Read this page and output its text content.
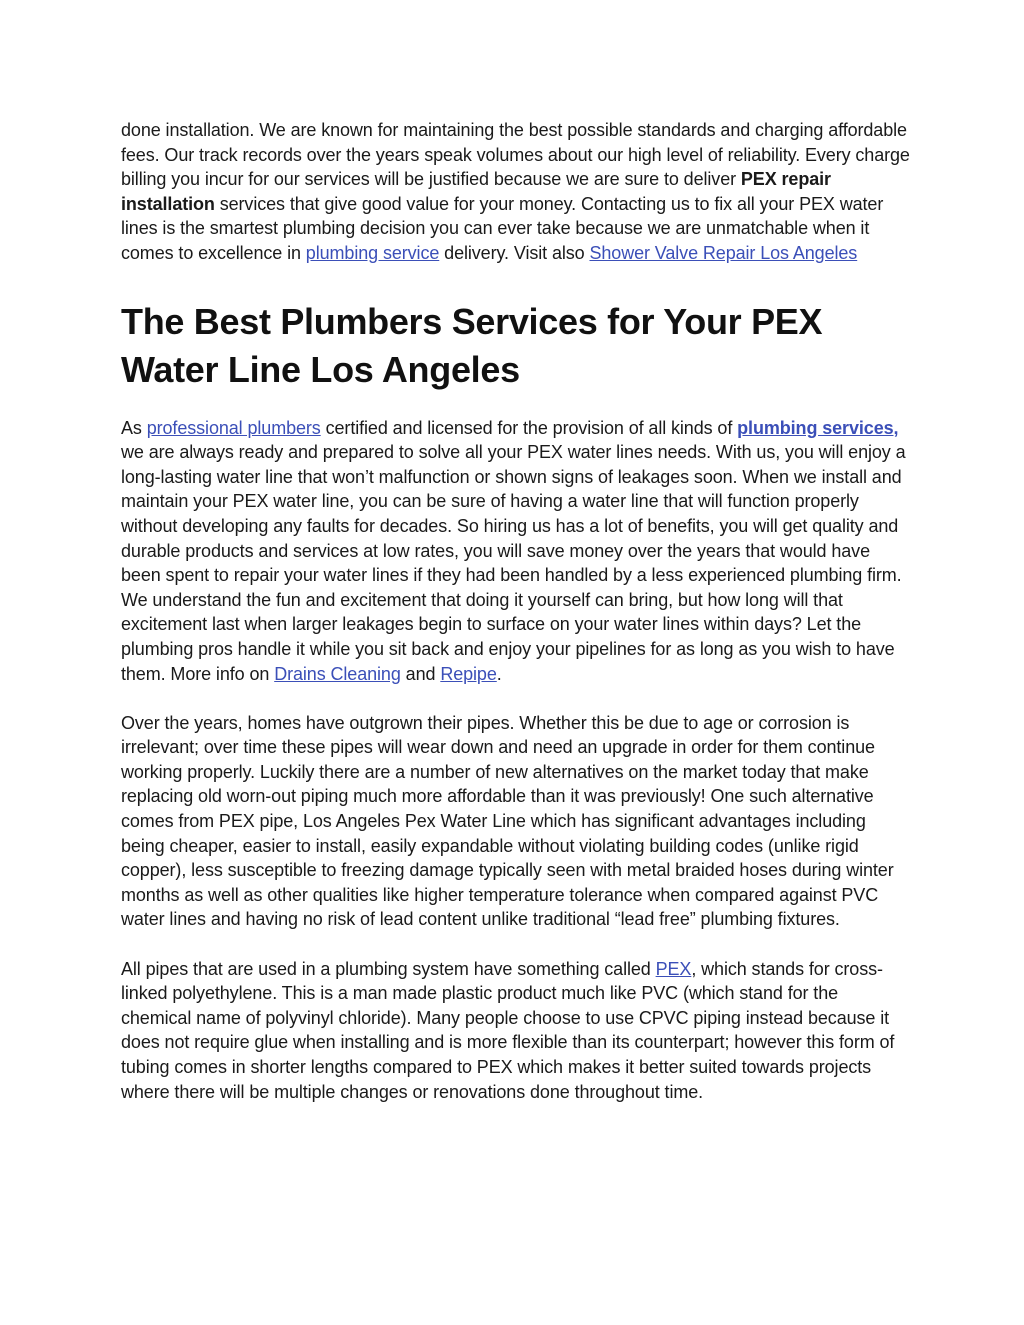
done installation. We are known for maintaining the best possible standards and charging affordable fees. Our track records over the years speak volumes about our high level of reliability. Every charge billing you incur for our services will be justified because we are sure to deliver PEX repair installation services that give good value for your money. Contacting us to fix all your PEX water lines is the smartest plumbing decision you can ever take because we are unmatchable when it comes to excellence in plumbing service delivery. Visit also Shower Valve Repair Los Angeles

The Best Plumbers Services for Your PEX Water Line Los Angeles

As professional plumbers certified and licensed for the provision of all kinds of plumbing services, we are always ready and prepared to solve all your PEX water lines needs. With us, you will enjoy a long-lasting water line that won’t malfunction or shown signs of leakages soon. When we install and maintain your PEX water line, you can be sure of having a water line that will function properly without developing any faults for decades. So hiring us has a lot of benefits, you will get quality and durable products and services at low rates, you will save money over the years that would have been spent to repair your water lines if they had been handled by a less experienced plumbing firm. We understand the fun and excitement that doing it yourself can bring, but how long will that excitement last when larger leakages begin to surface on your water lines within days? Let the plumbing pros handle it while you sit back and enjoy your pipelines for as long as you wish to have them. More info on Drains Cleaning and Repipe.

Over the years, homes have outgrown their pipes. Whether this be due to age or corrosion is irrelevant; over time these pipes will wear down and need an upgrade in order for them continue working properly. Luckily there are a number of new alternatives on the market today that make replacing old worn-out piping much more affordable than it was previously! One such alternative comes from PEX pipe, Los Angeles Pex Water Line which has significant advantages including being cheaper, easier to install, easily expandable without violating building codes (unlike rigid copper), less susceptible to freezing damage typically seen with metal braided hoses during winter months as well as other qualities like higher temperature tolerance when compared against PVC water lines and having no risk of lead content unlike traditional “lead free” plumbing fixtures.

All pipes that are used in a plumbing system have something called PEX, which stands for cross-linked polyethylene. This is a man made plastic product much like PVC (which stand for the chemical name of polyvinyl chloride). Many people choose to use CPVC piping instead because it does not require glue when installing and is more flexible than its counterpart; however this form of tubing comes in shorter lengths compared to PEX which makes it better suited towards projects where there will be multiple changes or renovations done throughout time.
